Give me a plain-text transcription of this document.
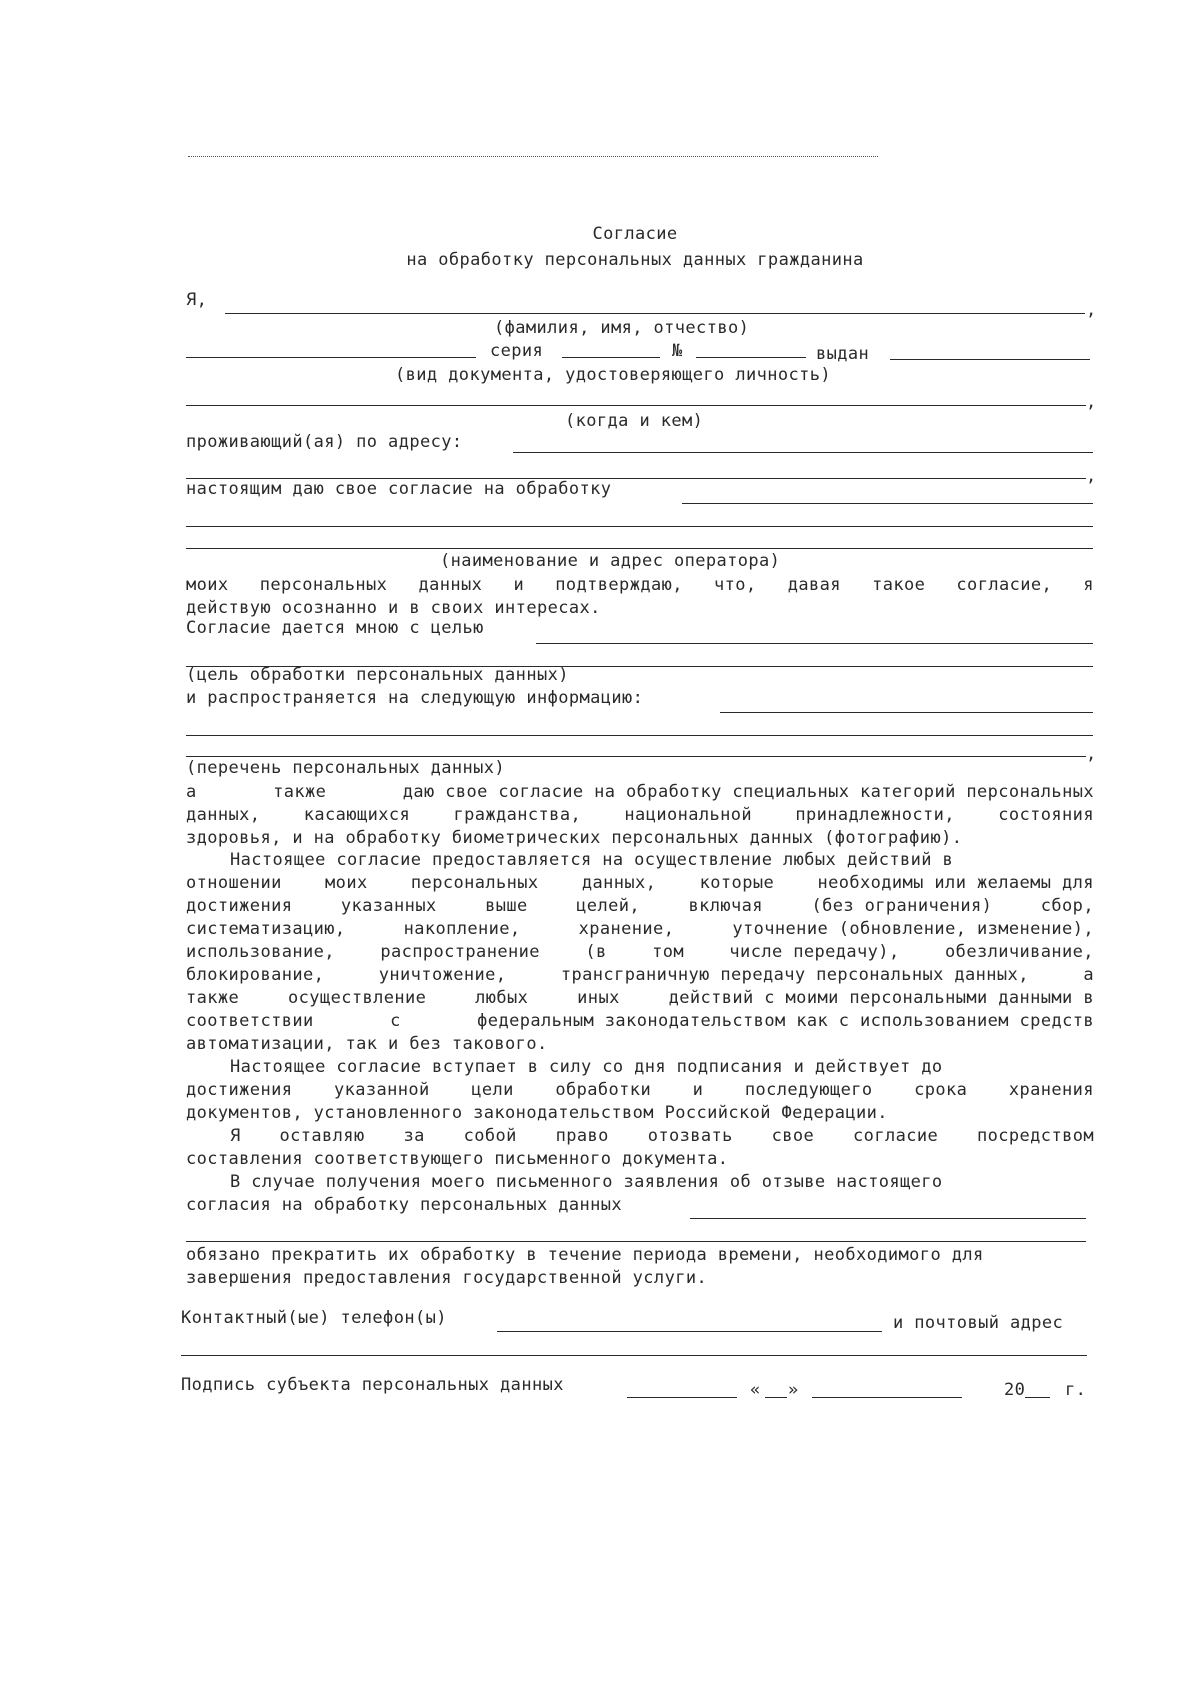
Согласие
на обработку персональных данных гражданина
Я,	,
(фамилия, имя, отчество)
серия	№	выдан
(вид документа, удостоверяющего личность)
,
(когда и кем)
проживающий(ая) по адресу:
,
настоящим даю свое согласие на обработку
(наименование и адрес оператора)
моих персональных данных и подтверждаю, что, давая такое согласие, я
действую осознанно и в своих интересах.
Согласие дается мною с целью
(цель обработки персональных данных)
и распространяется на следующую информацию:
,
(перечень персональных данных)
а	также	даю свое согласие на обработку специальных категорий персональных
данных,	касающихся	гражданства,	национальной	принадлежности,	состояния
здоровья, и на обработку биометрических персональных данных (фотографию).
Настоящее согласие предоставляется на осуществление любых действий в
отношении	моих	персональных	данных,	которые	необходимы или желаемы для
достижения	указанных	выше	целей,	включая	(без ограничения)	сбор,
систематизацию,	накопление,	хранение,	уточнение (обновление, изменение),
использование,	распространение	(в	том	числе передачу),	обезличивание,
блокирование,	уничтожение,	трансграничную передачу персональных данных,	а
также	осуществление	любых	иных	действий с моими персональными данными в
соответствии	с	федеральным законодательством как с использованием средств
автоматизации, так и без такового.
Настоящее согласие вступает в силу со дня подписания и действует до
достижения указанной цели обработки и последующего срока хранения
документов, установленного законодательством Российской Федерации.
Я оставляю за собой право отозвать свое согласие посредством
составления соответствующего письменного документа.
В случае получения моего письменного заявления об отзыве настоящего
согласия на обработку персональных данных
обязано прекратить их обработку в течение периода времени, необходимого для
завершения предоставления государственной услуги.
Контактный(ые) телефон(ы)	и почтовый адрес
Подпись субъекта персональных данных	« »	20 г.
